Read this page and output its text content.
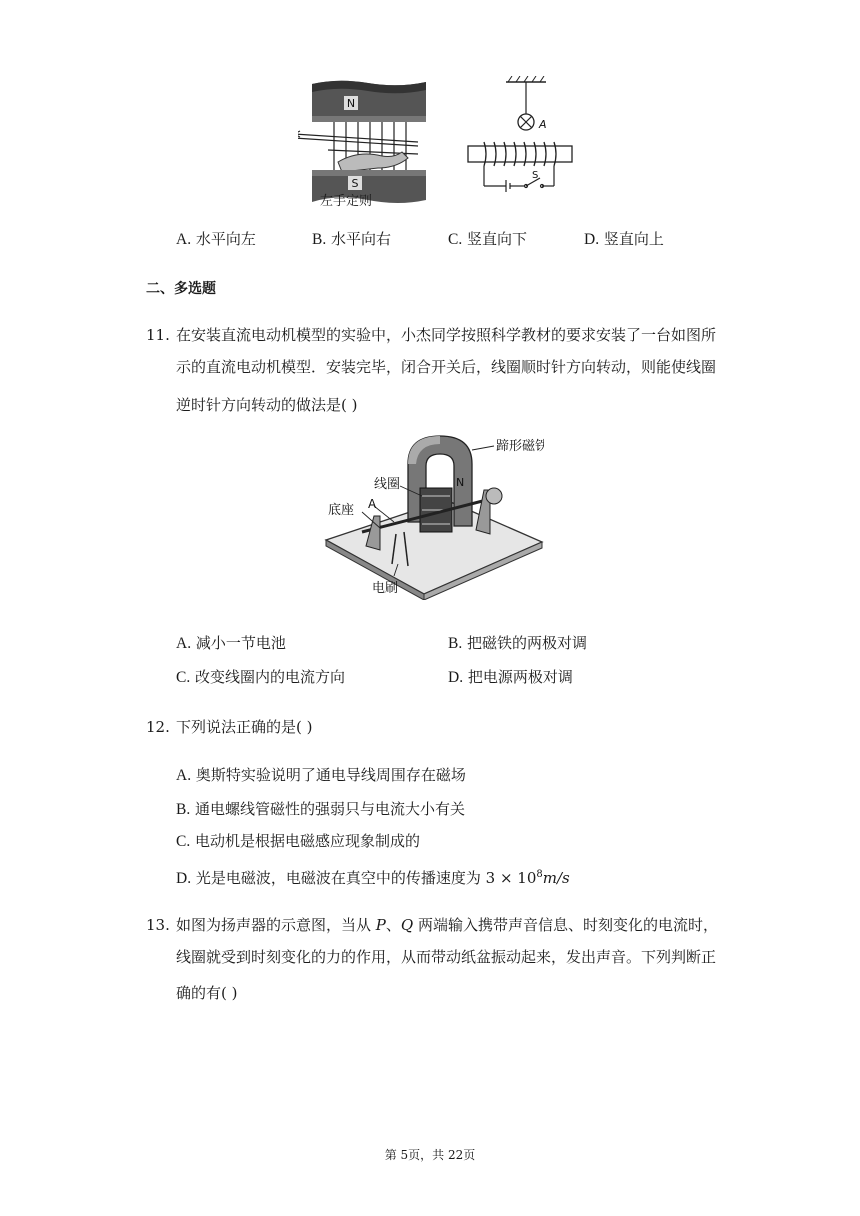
N
S
左手定则
A
S
A. 水平向左	B. 水平向右	C. 竖直向下	D. 竖直向上
二、多选题
11. 在安装直流电动机模型的实验中，小杰同学按照科学教材的要求安装了一台如图所
示的直流电动机模型．安装完毕，闭合开关后，线圈顺时针方向转动，则能使线圈
逆时针方向转动的做法是( )
N
蹄形磁铁
线圈
底座 A
电刷
A. 减小一节电池	B. 把磁铁的两极对调
C. 改变线圈内的电流方向	D. 把电源两极对调
12. 下列说法正确的是( )
A. 奥斯特实验说明了通电导线周围存在磁场
B. 通电螺线管磁性的强弱只与电流大小有关
C. 电动机是根据电磁感应现象制成的
D. 光是电磁波，电磁波在真空中的传播速度为 $3 \times 10^8m/s$
13. 如图为扬声器的示意图，当从 P、Q 两端输入携带声音信息、时刻变化的电流时，
线圈就受到时刻变化的力的作用，从而带动纸盆振动起来，发出声音。下列判断正
确的有( )
第 5页，共 22页
